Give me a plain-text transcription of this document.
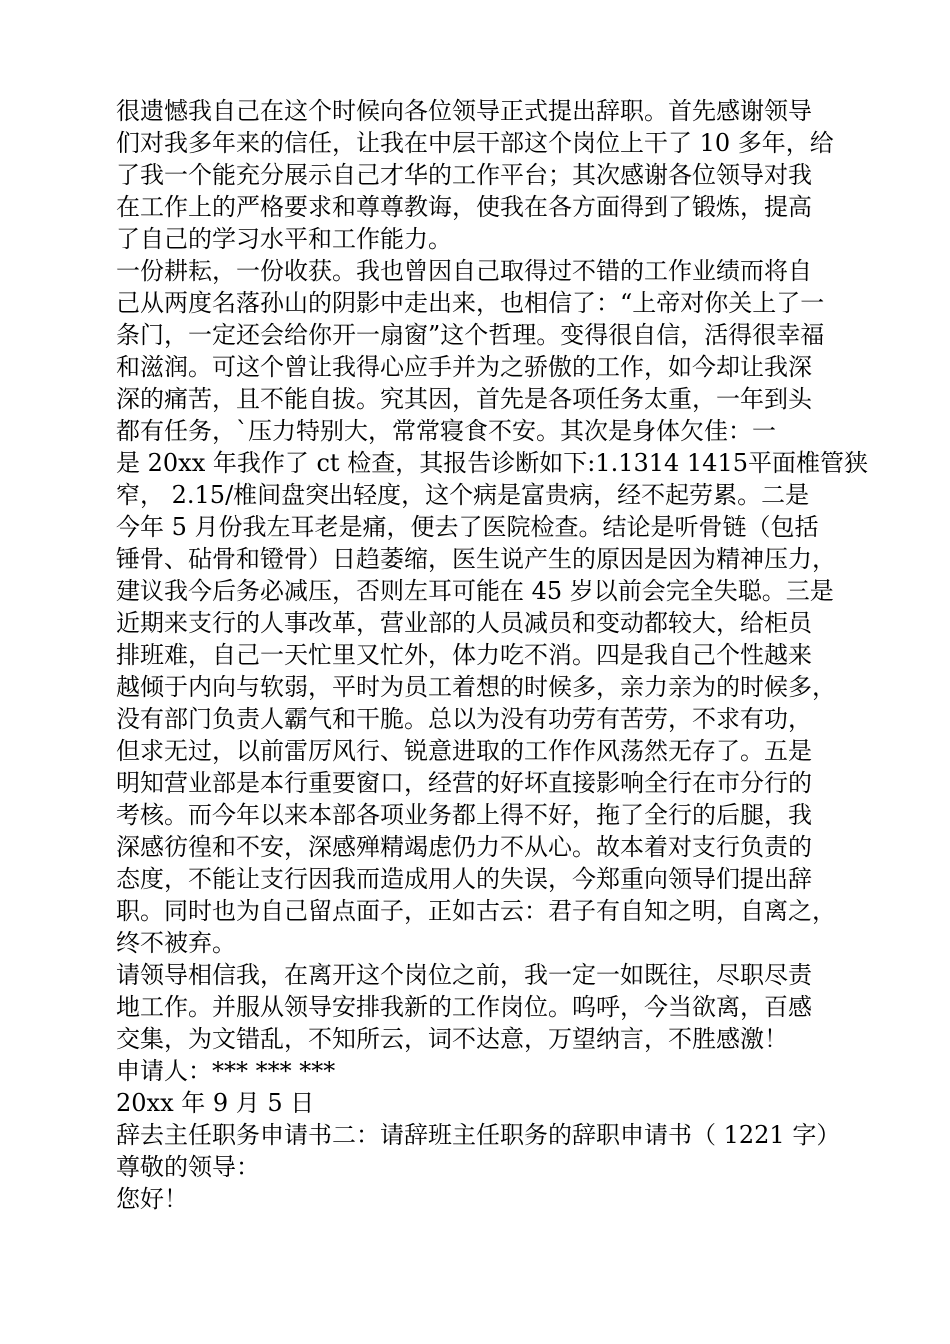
很遗憾我自己在这个时候向各位领导正式提出辞职。首先感谢领导

们对我多年来的信任，让我在中层干部这个岗位上干了 10 多年，给

了我一个能充分展示自己才华的工作平台；其次感谢各位领导对我

在工作上的严格要求和尊尊教诲，使我在各方面得到了锻炼，提高

了自己的学习水平和工作能力。

一份耕耘，一份收获。我也曾因自己取得过不错的工作业绩而将自

己从两度名落孙山的阴影中走出来，也相信了：“上帝对你关上了一

条门，一定还会给你开一扇窗”这个哲理。变得很自信，活得很幸福

和滋润。可这个曾让我得心应手并为之骄傲的工作，如今却让我深

深的痛苦，且不能自拔。究其因，首先是各项任务太重，一年到头

都有任务，`压力特别大，常常寝食不安。其次是身体欠佳：一

是 20xx 年我作了 ct 检查，其报告诊断如下:1.1314 1415平面椎管狭

窄， 2.15/椎间盘突出轻度，这个病是富贵病，经不起劳累。二是

今年 5 月份我左耳老是痛，便去了医院检查。结论是听骨链（包括

锤骨、砧骨和镫骨）日趋萎缩，医生说产生的原因是因为精神压力，

建议我今后务必减压，否则左耳可能在 45 岁以前会完全失聪。三是

近期来支行的人事改革，营业部的人员减员和变动都较大，给柜员

排班难，自己一天忙里又忙外，体力吃不消。四是我自己个性越来

越倾于内向与软弱，平时为员工着想的时候多，亲力亲为的时候多，

没有部门负责人霸气和干脆。总以为没有功劳有苦劳，不求有功，

但求无过，以前雷厉风行、锐意进取的工作作风荡然无存了。五是

明知营业部是本行重要窗口，经营的好坏直接影响全行在市分行的

考核。而今年以来本部各项业务都上得不好，拖了全行的后腿，我

深感彷徨和不安，深感殚精竭虑仍力不从心。故本着对支行负责的

态度，不能让支行因我而造成用人的失误，今郑重向领导们提出辞

职。同时也为自己留点面子，正如古云：君子有自知之明，自离之，

终不被弃。

请领导相信我，在离开这个岗位之前，我一定一如既往，尽职尽责

地工作。并服从领导安排我新的工作岗位。呜呼，今当欲离，百感

交集，为文错乱，不知所云，词不达意，万望纳言，不胜感激！

申请人：*** *** ***

20xx 年 9 月 5 日

辞去主任职务申请书二：请辞班主任职务的辞职申请书（ 1221 字）

尊敬的领导：

您好！
